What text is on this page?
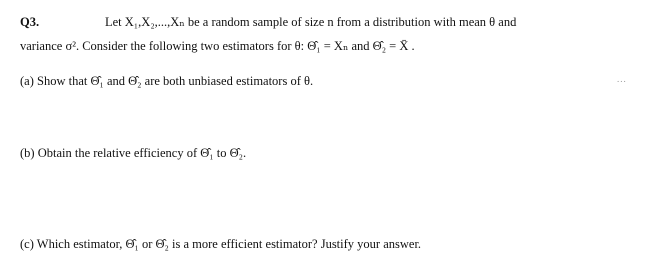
Q3.	Let X₁,X₂,...,Xₙ be a random sample of size n from a distribution with mean θ and
variance σ². Consider the following two estimators for θ: Θ̂₁ = Xₙ and Θ̂₂ = X̄ .
(a) Show that Θ̂₁ and Θ̂₂ are both unbiased estimators of θ.	...
(b) Obtain the relative efficiency of Θ̂₁ to Θ̂₂.
(c) Which estimator, Θ̂₁ or Θ̂₂ is a more efficient estimator? Justify your answer.
